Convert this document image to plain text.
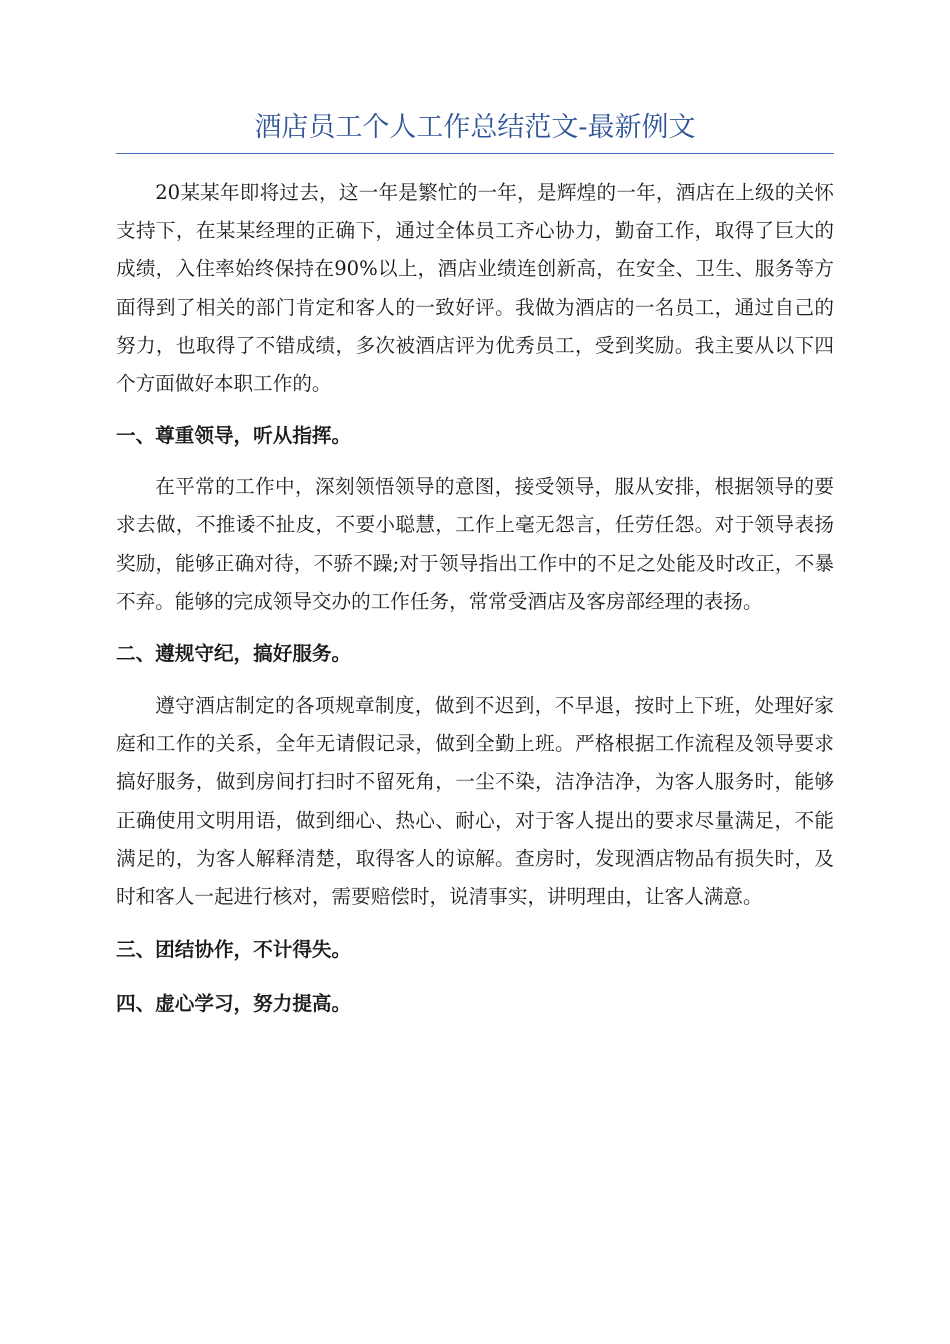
酒店员工个人工作总结范文-最新例文

20某某年即将过去，这一年是繁忙的一年，是辉煌的一年，酒店在上级的关怀支持下，在某某经理的正确下，通过全体员工齐心协力，勤奋工作，取得了巨大的成绩，入住率始终保持在90%以上，酒店业绩连创新高，在安全、卫生、服务等方面得到了相关的部门肯定和客人的一致好评。我做为酒店的一名员工，通过自己的努力，也取得了不错成绩，多次被酒店评为优秀员工，受到奖励。我主要从以下四个方面做好本职工作的。

一、尊重领导，听从指挥。

在平常的工作中，深刻领悟领导的意图，接受领导，服从安排，根据领导的要求去做，不推诿不扯皮，不要小聪慧，工作上毫无怨言，任劳任怨。对于领导表扬奖励，能够正确对待，不骄不躁;对于领导指出工作中的不足之处能及时改正，不暴不弃。能够的完成领导交办的工作任务，常常受酒店及客房部经理的表扬。

二、遵规守纪，搞好服务。

遵守酒店制定的各项规章制度，做到不迟到，不早退，按时上下班，处理好家庭和工作的关系，全年无请假记录，做到全勤上班。严格根据工作流程及领导要求搞好服务，做到房间打扫时不留死角，一尘不染，洁净洁净，为客人服务时，能够正确使用文明用语，做到细心、热心、耐心，对于客人提出的要求尽量满足，不能满足的，为客人解释清楚，取得客人的谅解。查房时，发现酒店物品有损失时，及时和客人一起进行核对，需要赔偿时，说清事实，讲明理由，让客人满意。

三、团结协作，不计得失。
四、虚心学习，努力提高。
